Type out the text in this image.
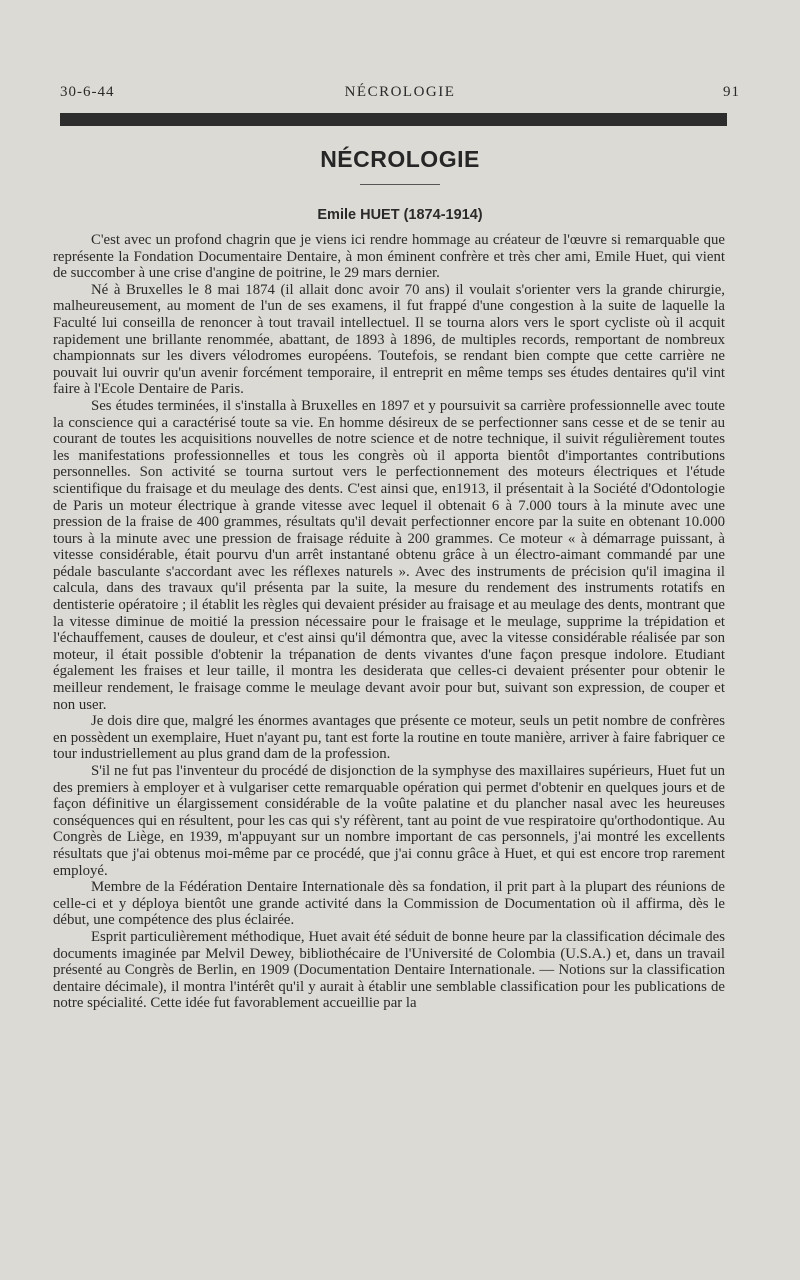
30-6-44	NÉCROLOGIE	91
NÉCROLOGIE
Emile HUET (1874-1914)

C'est avec un profond chagrin que je viens ici rendre hommage au créateur de l'œuvre si remarquable que représente la Fondation Documentaire Dentaire, à mon éminent confrère et très cher ami, Emile Huet, qui vient de succomber à une crise d'angine de poitrine, le 29 mars dernier.

Né à Bruxelles le 8 mai 1874 (il allait donc avoir 70 ans) il voulait s'orienter vers la grande chirurgie, malheureusement, au moment de l'un de ses examens, il fut frappé d'une congestion à la suite de laquelle la Faculté lui conseilla de renoncer à tout travail intellectuel. Il se tourna alors vers le sport cycliste où il acquit rapidement une brillante renommée, abattant, de 1893 à 1896, de multiples records, remportant de nombreux championnats sur les divers vélodromes européens. Toutefois, se rendant bien compte que cette carrière ne pouvait lui ouvrir qu'un avenir forcément temporaire, il entreprit en même temps ses études dentaires qu'il vint faire à l'Ecole Dentaire de Paris.

Ses études terminées, il s'installa à Bruxelles en 1897 et y poursuivit sa carrière professionnelle avec toute la conscience qui a caractérisé toute sa vie. En homme désireux de se perfectionner sans cesse et de se tenir au courant de toutes les acquisitions nouvelles de notre science et de notre technique, il suivit régulièrement toutes les manifestations professionnelles et tous les congrès où il apporta bientôt d'importantes contributions personnelles. Son activité se tourna surtout vers le perfectionnement des moteurs électriques et l'étude scientifique du fraisage et du meulage des dents. C'est ainsi que, en1913, il présentait à la Société d'Odontologie de Paris un moteur électrique à grande vitesse avec lequel il obtenait 6 à 7.000 tours à la minute avec une pression de la fraise de 400 grammes, résultats qu'il devait perfectionner encore par la suite en obtenant 10.000 tours à la minute avec une pression de fraisage réduite à 200 grammes. Ce moteur « à démarrage puissant, à vitesse considérable, était pourvu d'un arrêt instantané obtenu grâce à un électro-aimant commandé par une pédale basculante s'accordant avec les réflexes naturels ». Avec des instruments de précision qu'il imagina il calcula, dans des travaux qu'il présenta par la suite, la mesure du rendement des instruments rotatifs en dentisterie opératoire ; il établit les règles qui devaient présider au fraisage et au meulage des dents, montrant que la vitesse diminue de moitié la pression nécessaire pour le fraisage et le meulage, supprime la trépidation et l'échauffement, causes de douleur, et c'est ainsi qu'il démontra que, avec la vitesse considérable réalisée par son moteur, il était possible d'obtenir la trépanation de dents vivantes d'une façon presque indolore. Etudiant également les fraises et leur taille, il montra les desiderata que celles-ci devaient présenter pour obtenir le meilleur rendement, le fraisage comme le meulage devant avoir pour but, suivant son expression, de couper et non user.

Je dois dire que, malgré les énormes avantages que présente ce moteur, seuls un petit nombre de confrères en possèdent un exemplaire, Huet n'ayant pu, tant est forte la routine en toute manière, arriver à faire fabriquer ce tour industriellement au plus grand dam de la profession.

S'il ne fut pas l'inventeur du procédé de disjonction de la symphyse des maxillaires supérieurs, Huet fut un des premiers à employer et à vulgariser cette remarquable opération qui permet d'obtenir en quelques jours et de façon définitive un élargissement considérable de la voûte palatine et du plancher nasal avec les heureuses conséquences qui en résultent, pour les cas qui s'y réfèrent, tant au point de vue respiratoire qu'orthodontique. Au Congrès de Liège, en 1939, m'appuyant sur un nombre important de cas personnels, j'ai montré les excellents résultats que j'ai obtenus moi-même par ce procédé, que j'ai connu grâce à Huet, et qui est encore trop rarement employé.

Membre de la Fédération Dentaire Internationale dès sa fondation, il prit part à la plupart des réunions de celle-ci et y déploya bientôt une grande activité dans la Commission de Documentation où il affirma, dès le début, une compétence des plus éclairée.

Esprit particulièrement méthodique, Huet avait été séduit de bonne heure par la classification décimale des documents imaginée par Melvil Dewey, bibliothécaire de l'Université de Colombia (U.S.A.) et, dans un travail présenté au Congrès de Berlin, en 1909 (Documentation Dentaire Internationale. — Notions sur la classification dentaire décimale), il montra l'intérêt qu'il y aurait à établir une semblable classification pour les publications de notre spécialité. Cette idée fut favorablement accueillie par la
